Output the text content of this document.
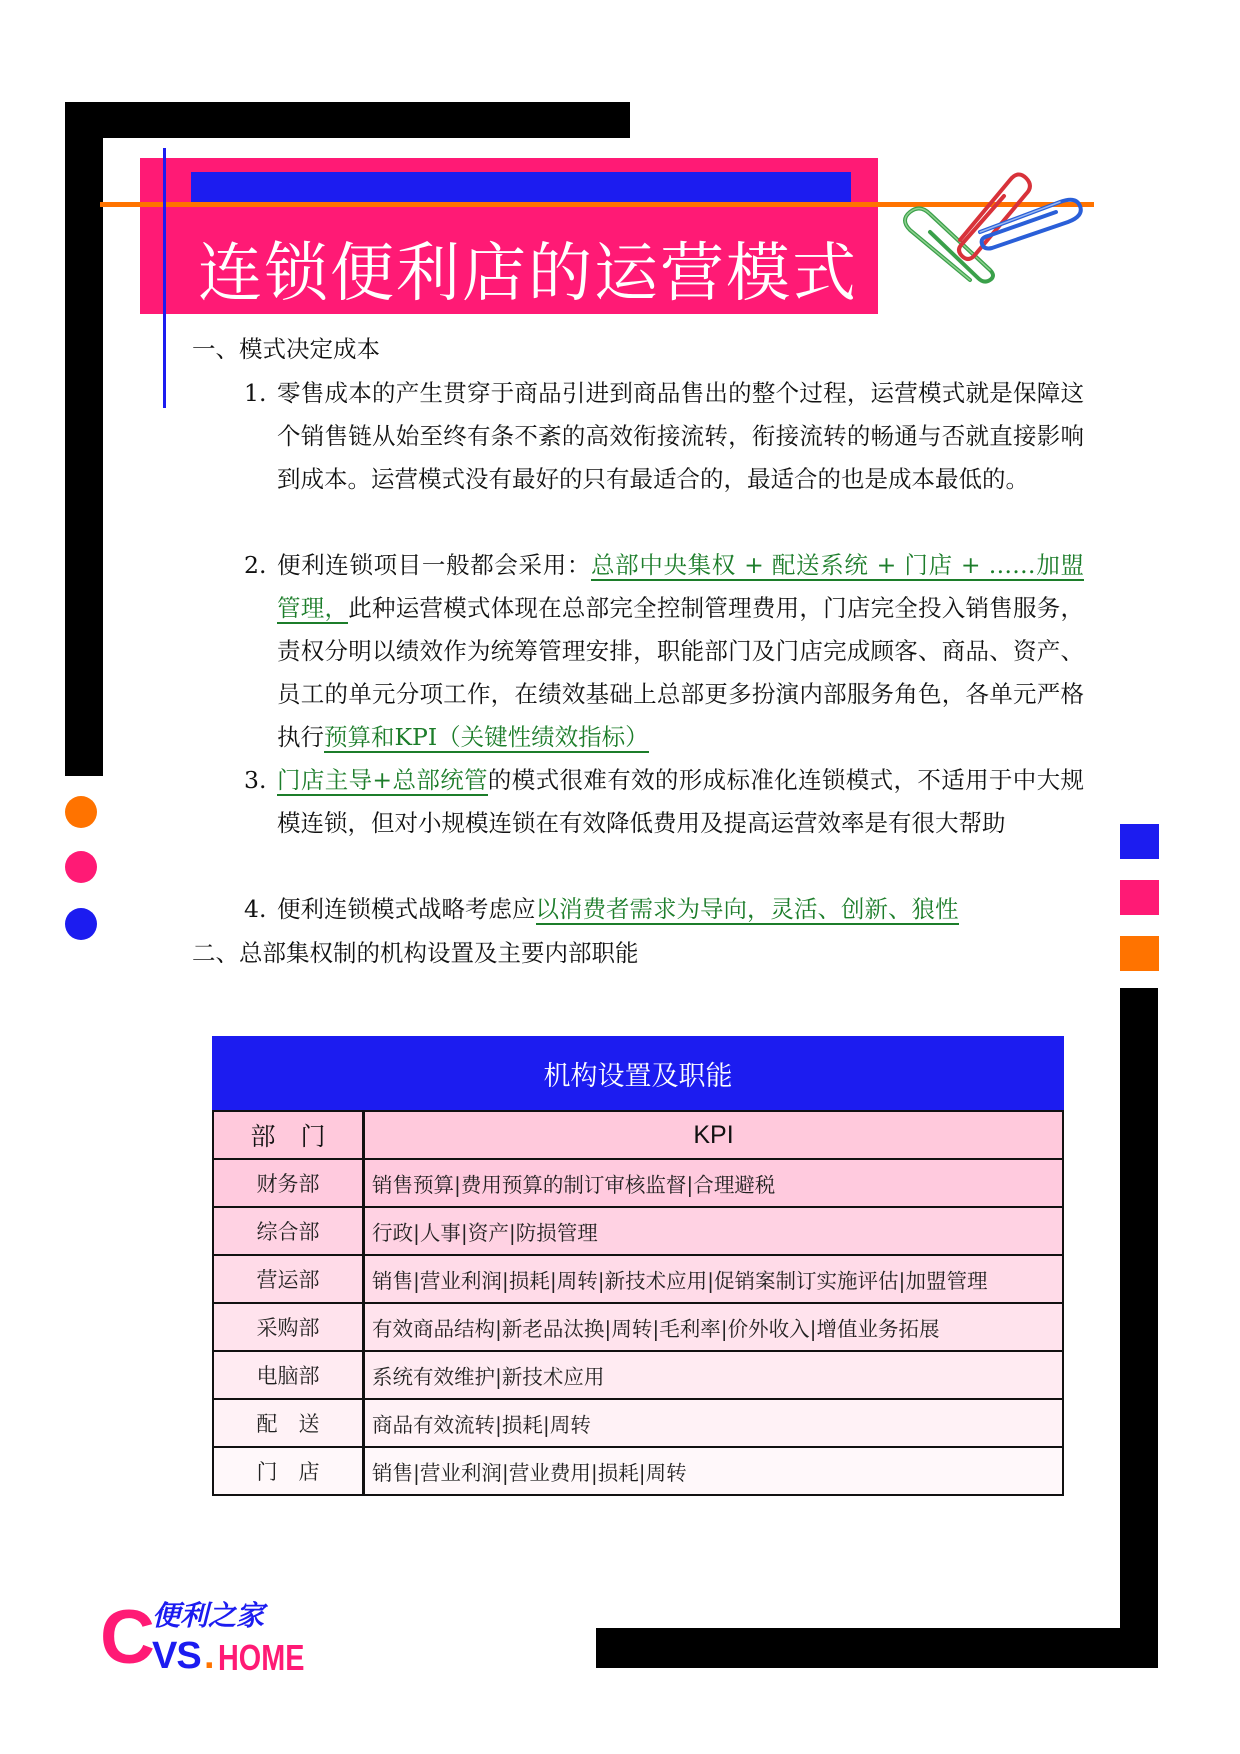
连锁便利店的运营模式
一、模式决定成本
1. 零售成本的产生贯穿于商品引进到商品售出的整个过程，运营模式就是保障这个销售链从始至终有条不紊的高效衔接流转，衔接流转的畅通与否就直接影响到成本。运营模式没有最好的只有最适合的，最适合的也是成本最低的。
2. 便利连锁项目一般都会采用：总部中央集权 + 配送系统 + 门店 + ……加盟管理，此种运营模式体现在总部完全控制管理费用，门店完全投入销售服务，责权分明以绩效作为统筹管理安排，职能部门及门店完成顾客、商品、资产、员工的单元分项工作，在绩效基础上总部更多扮演内部服务角色，各单元严格执行预算和KPI（关键性绩效指标）
3. 门店主导+总部统管的模式很难有效的形成标准化连锁模式，不适用于中大规模连锁，但对小规模连锁在有效降低费用及提高运营效率是有很大帮助
4. 便利连锁模式战略考虑应以消费者需求为导向，灵活、创新、狼性
二、总部集权制的机构设置及主要内部职能
机构设置及职能
部　门	KPI
财务部	销售预算|费用预算的制订审核监督|合理避税
综合部	行政|人事|资产|防损管理
营运部	销售|营业利润|损耗|周转|新技术应用|促销案制订实施评估|加盟管理
采购部	有效商品结构|新老品汰换|周转|毛利率|价外收入|增值业务拓展
电脑部	系统有效维护|新技术应用
配　送	商品有效流转|损耗|周转
门　店	销售|营业利润|营业费用|损耗|周转
C
便利之家
VS . HOME
